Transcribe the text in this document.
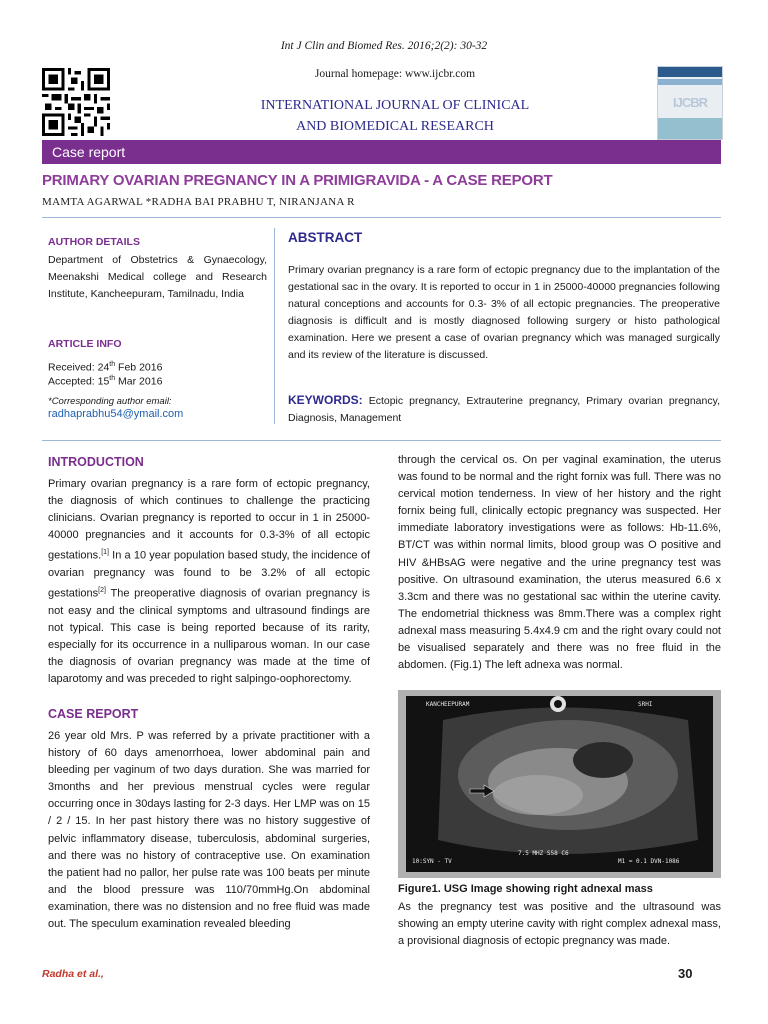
Int J Clin and Biomed Res. 2016;2(2): 30-32
Journal homepage: www.ijcbr.com
INTERNATIONAL JOURNAL OF CLINICAL
AND BIOMEDICAL RESEARCH
IJCBR
Case report
PRIMARY OVARIAN PREGNANCY IN A PRIMIGRAVIDA - A CASE REPORT
MAMTA AGARWAL *RADHA BAI PRABHU T, NIRANJANA R
AUTHOR DETAILS
Department of Obstetrics & Gynaecology, Meenakshi Medical college and Research Institute, Kancheepuram, Tamilnadu, India
ARTICLE INFO
Received: 24th Feb 2016
Accepted: 15th Mar 2016
*Corresponding author email:
radhaprabhu54@ymail.com
ABSTRACT
Primary ovarian pregnancy is a rare form of ectopic pregnancy due to the implantation of the gestational sac in the ovary. It is reported to occur in 1 in 25000-40000 pregnancies following natural conceptions and accounts for 0.3- 3% of all ectopic pregnancies. The preoperative diagnosis is difficult and is mostly diagnosed following surgery or histo pathological examination. Here we present a case of ovarian pregnancy which was managed surgically and its review of the literature is discussed.
KEYWORDS: Ectopic pregnancy, Extrauterine pregnancy, Primary ovarian pregnancy, Diagnosis, Management
INTRODUCTION
Primary ovarian pregnancy is a rare form of ectopic pregnancy, the diagnosis of which continues to challenge the practicing clinicians. Ovarian pregnancy is reported to occur in 1 in 25000-40000 pregnancies and it accounts for 0.3-3% of all ectopic gestations.[1] In a 10 year population based study, the incidence of ovarian pregnancy was found to be 3.2% of all ectopic gestations[2] The preoperative diagnosis of ovarian pregnancy is not easy and the clinical symptoms and ultrasound findings are not typical. This case is being reported because of its rarity, especially for its occurrence in a nulliparous woman. In our case the diagnosis of ovarian pregnancy was made at the time of laparotomy and was preceded to right salpingo-oophorectomy.
CASE REPORT
26 year old Mrs. P was referred by a private practitioner with a history of 60 days amenorrhoea, lower abdominal pain and bleeding per vaginum of two days duration. She was married for 3months and her previous menstrual cycles were regular occurring once in 30days lasting for 2-3 days. Her LMP was on 15 / 2 / 15. In her past history there was no history suggestive of pelvic inflammatory disease, tuberculosis, abdominal surgeries, and there was no history of contraceptive use. On examination the patient had no pallor, her pulse rate was 100 beats per minute and the blood pressure was 110/70mmHg.On abdominal examination, there was no distension and no free fluid was made out. The speculum examination revealed bleeding
through the cervical os. On per vaginal examination, the uterus was found to be normal and the right fornix was full. There was no cervical motion tenderness. In view of her history and the right fornix being full, clinically ectopic pregnancy was suspected. Her immediate laboratory investigations were as follows: Hb-11.6%, BT/CT was within normal limits, blood group was O positive and HIV &HBsAG were negative and the urine pregnancy test was positive. On ultrasound examination, the uterus measured 6.6 x 3.3cm and there was no gestational sac within the uterine cavity. The endometrial thickness was 8mm.There was a complex right adnexal mass measuring 5.4x4.9 cm and the right ovary could not be visualised separately and there was no free fluid in the abdomen. (Fig.1) The left adnexa was normal.
KANCHEEPURAM	SRHI
10:SYN - TV
7.5 MHZ S58 C6
M1 = 0.1 DVN-1086
Figure1. USG Image showing right adnexal mass
As the pregnancy test was positive and the ultrasound was showing an empty uterine cavity with right complex adnexal mass, a provisional diagnosis of ectopic pregnancy was made.
Radha et al.,	30
